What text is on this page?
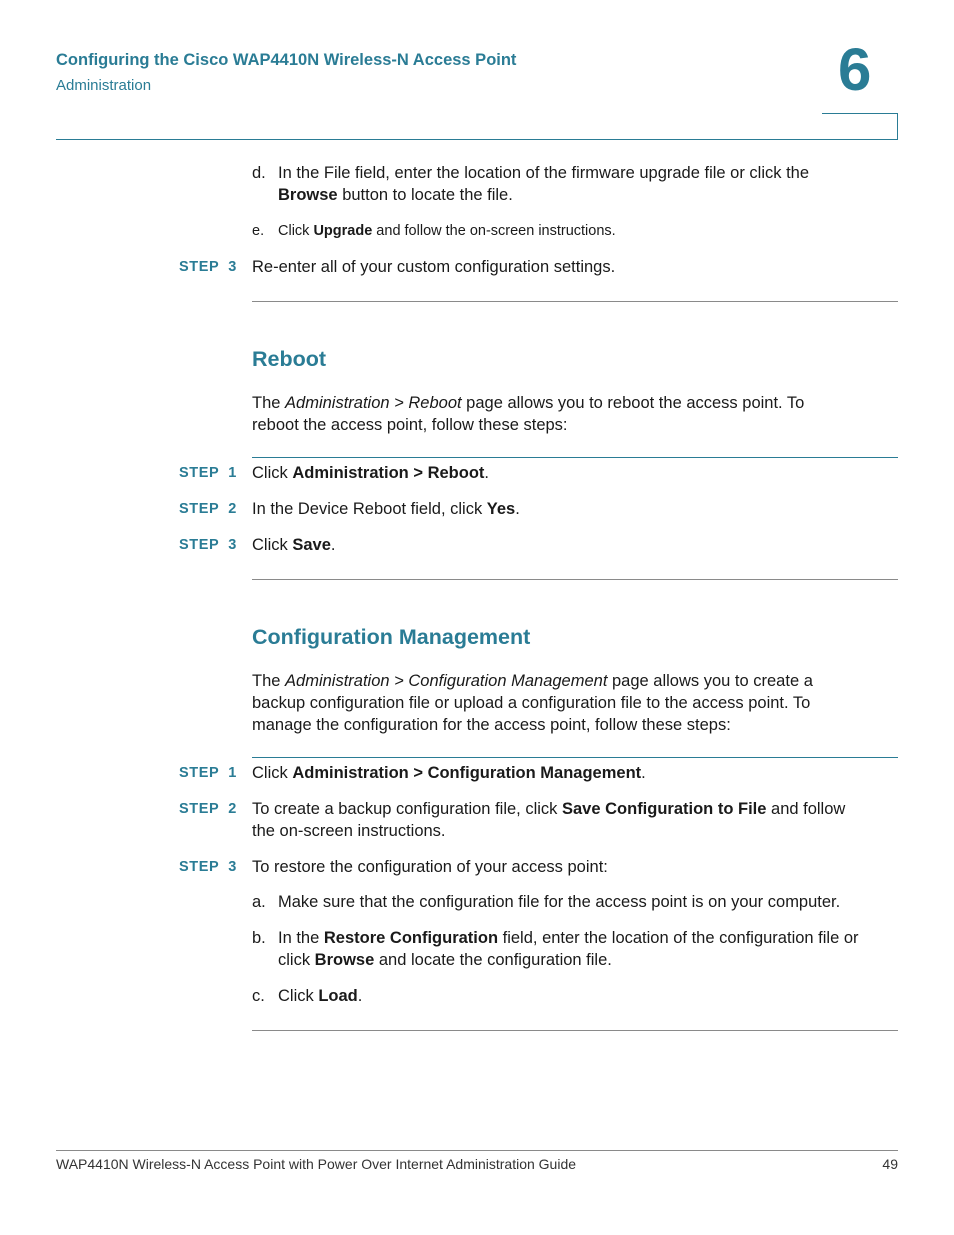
Configuring the Cisco WAP4410N Wireless-N Access Point
Administration	6
d. In the File field, enter the location of the firmware upgrade file or click the
Browse button to locate the file.
e. Click Upgrade and follow the on-screen instructions.
STEP 3 Re-enter all of your custom configuration settings.
Reboot
The Administration > Reboot page allows you to reboot the access point. To
reboot the access point, follow these steps:
STEP 1 Click Administration > Reboot.
STEP 2 In the Device Reboot field, click Yes.
STEP 3 Click Save.
Configuration Management
The Administration > Configuration Management page allows you to create a
backup configuration file or upload a configuration file to the access point. To
manage the configuration for the access point, follow these steps:
STEP 1 Click Administration > Configuration Management.
STEP 2 To create a backup configuration file, click Save Configuration to File and follow
the on-screen instructions.
STEP 3 To restore the configuration of your access point:
a. Make sure that the configuration file for the access point is on your computer.
b. In the Restore Configuration field, enter the location of the configuration file or
click Browse and locate the configuration file.
c. Click Load.
WAP4410N Wireless-N Access Point with Power Over Internet Administration Guide	49
